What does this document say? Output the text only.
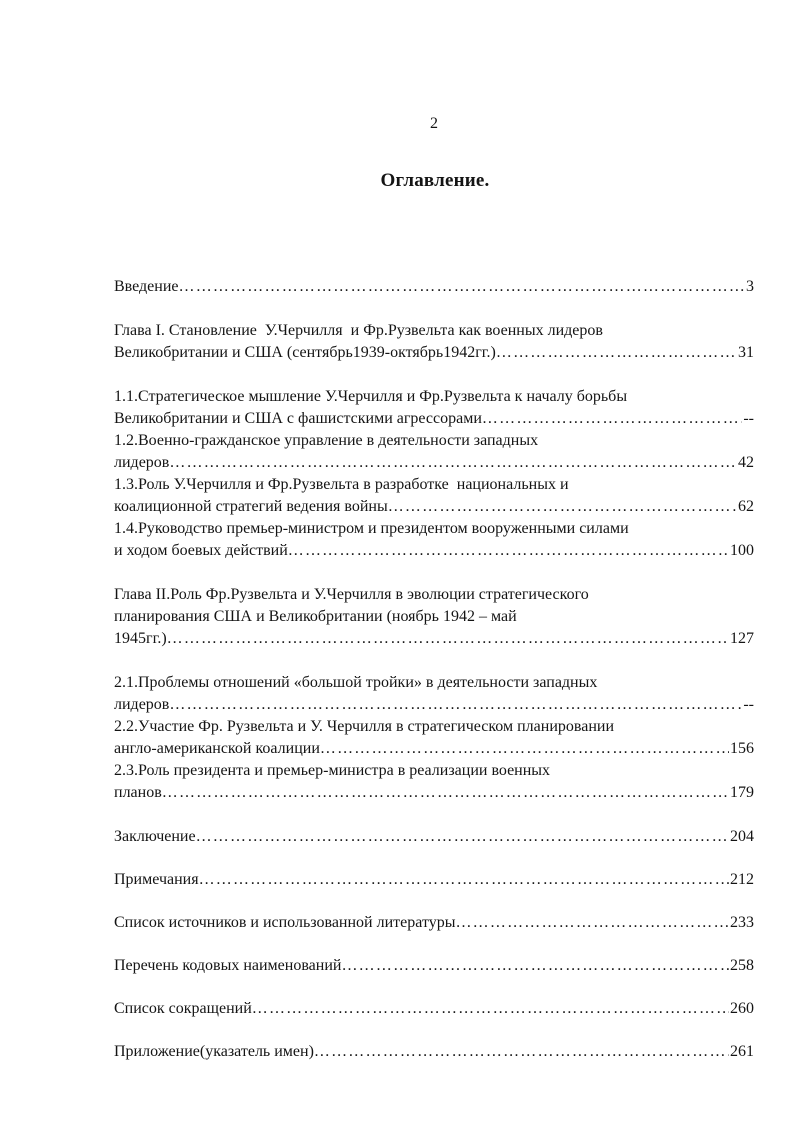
2
Оглавление.
Введение …………………………………………………………………………………………………………………………………………………………………………	3
Глава I. Становление  У.Черчилля  и Фр.Рузвельта как военных лидеров
Великобритании и США (сентябрь1939-октябрь1942гг.) …………………………………………………………………………………………………………………………………………………………………………	31
1.1.Стратегическое мышление У.Черчилля и Фр.Рузвельта к началу борьбы
Великобритании и США с фашистскими агрессорами …………………………………………………………………………………………………………………………………………………………………………	--
1.2.Военно-гражданское управление в деятельности западных
лидеров …………………………………………………………………………………………………………………………………………………………………………	42
1.3.Роль У.Черчилля и Фр.Рузвельта в разработке  национальных и
коалиционной стратегий ведения войны …………………………………………………………………………………………………………………………………………………………………………	62
1.4.Руководство премьер-министром и президентом вооруженными силами
и ходом боевых действий …………………………………………………………………………………………………………………………………………………………………………	100
Глава II.Роль Фр.Рузвельта и У.Черчилля в эволюции стратегического
планирования США и Великобритании (ноябрь 1942 – май
1945гг.) …………………………………………………………………………………………………………………………………………………………………………	127
2.1.Проблемы отношений «большой тройки» в деятельности западных
лидеров …………………………………………………………………………………………………………………………………………………………………………	--
2.2.Участие Фр. Рузвельта и У. Черчилля в стратегическом планировании
англо-американской коалиции …………………………………………………………………………………………………………………………………………………………………………	156
2.3.Роль президента и премьер-министра в реализации военных
планов …………………………………………………………………………………………………………………………………………………………………………	179
Заключение …………………………………………………………………………………………………………………………………………………………………………	204
Примечания …………………………………………………………………………………………………………………………………………………………………………	212
Список источников и использованной литературы …………………………………………………………………………………………………………………………………………………………………………	233
Перечень кодовых наименований …………………………………………………………………………………………………………………………………………………………………………	258
Список сокращений …………………………………………………………………………………………………………………………………………………………………………	260
Приложение(указатель имен) …………………………………………………………………………………………………………………………………………………………………………	261
